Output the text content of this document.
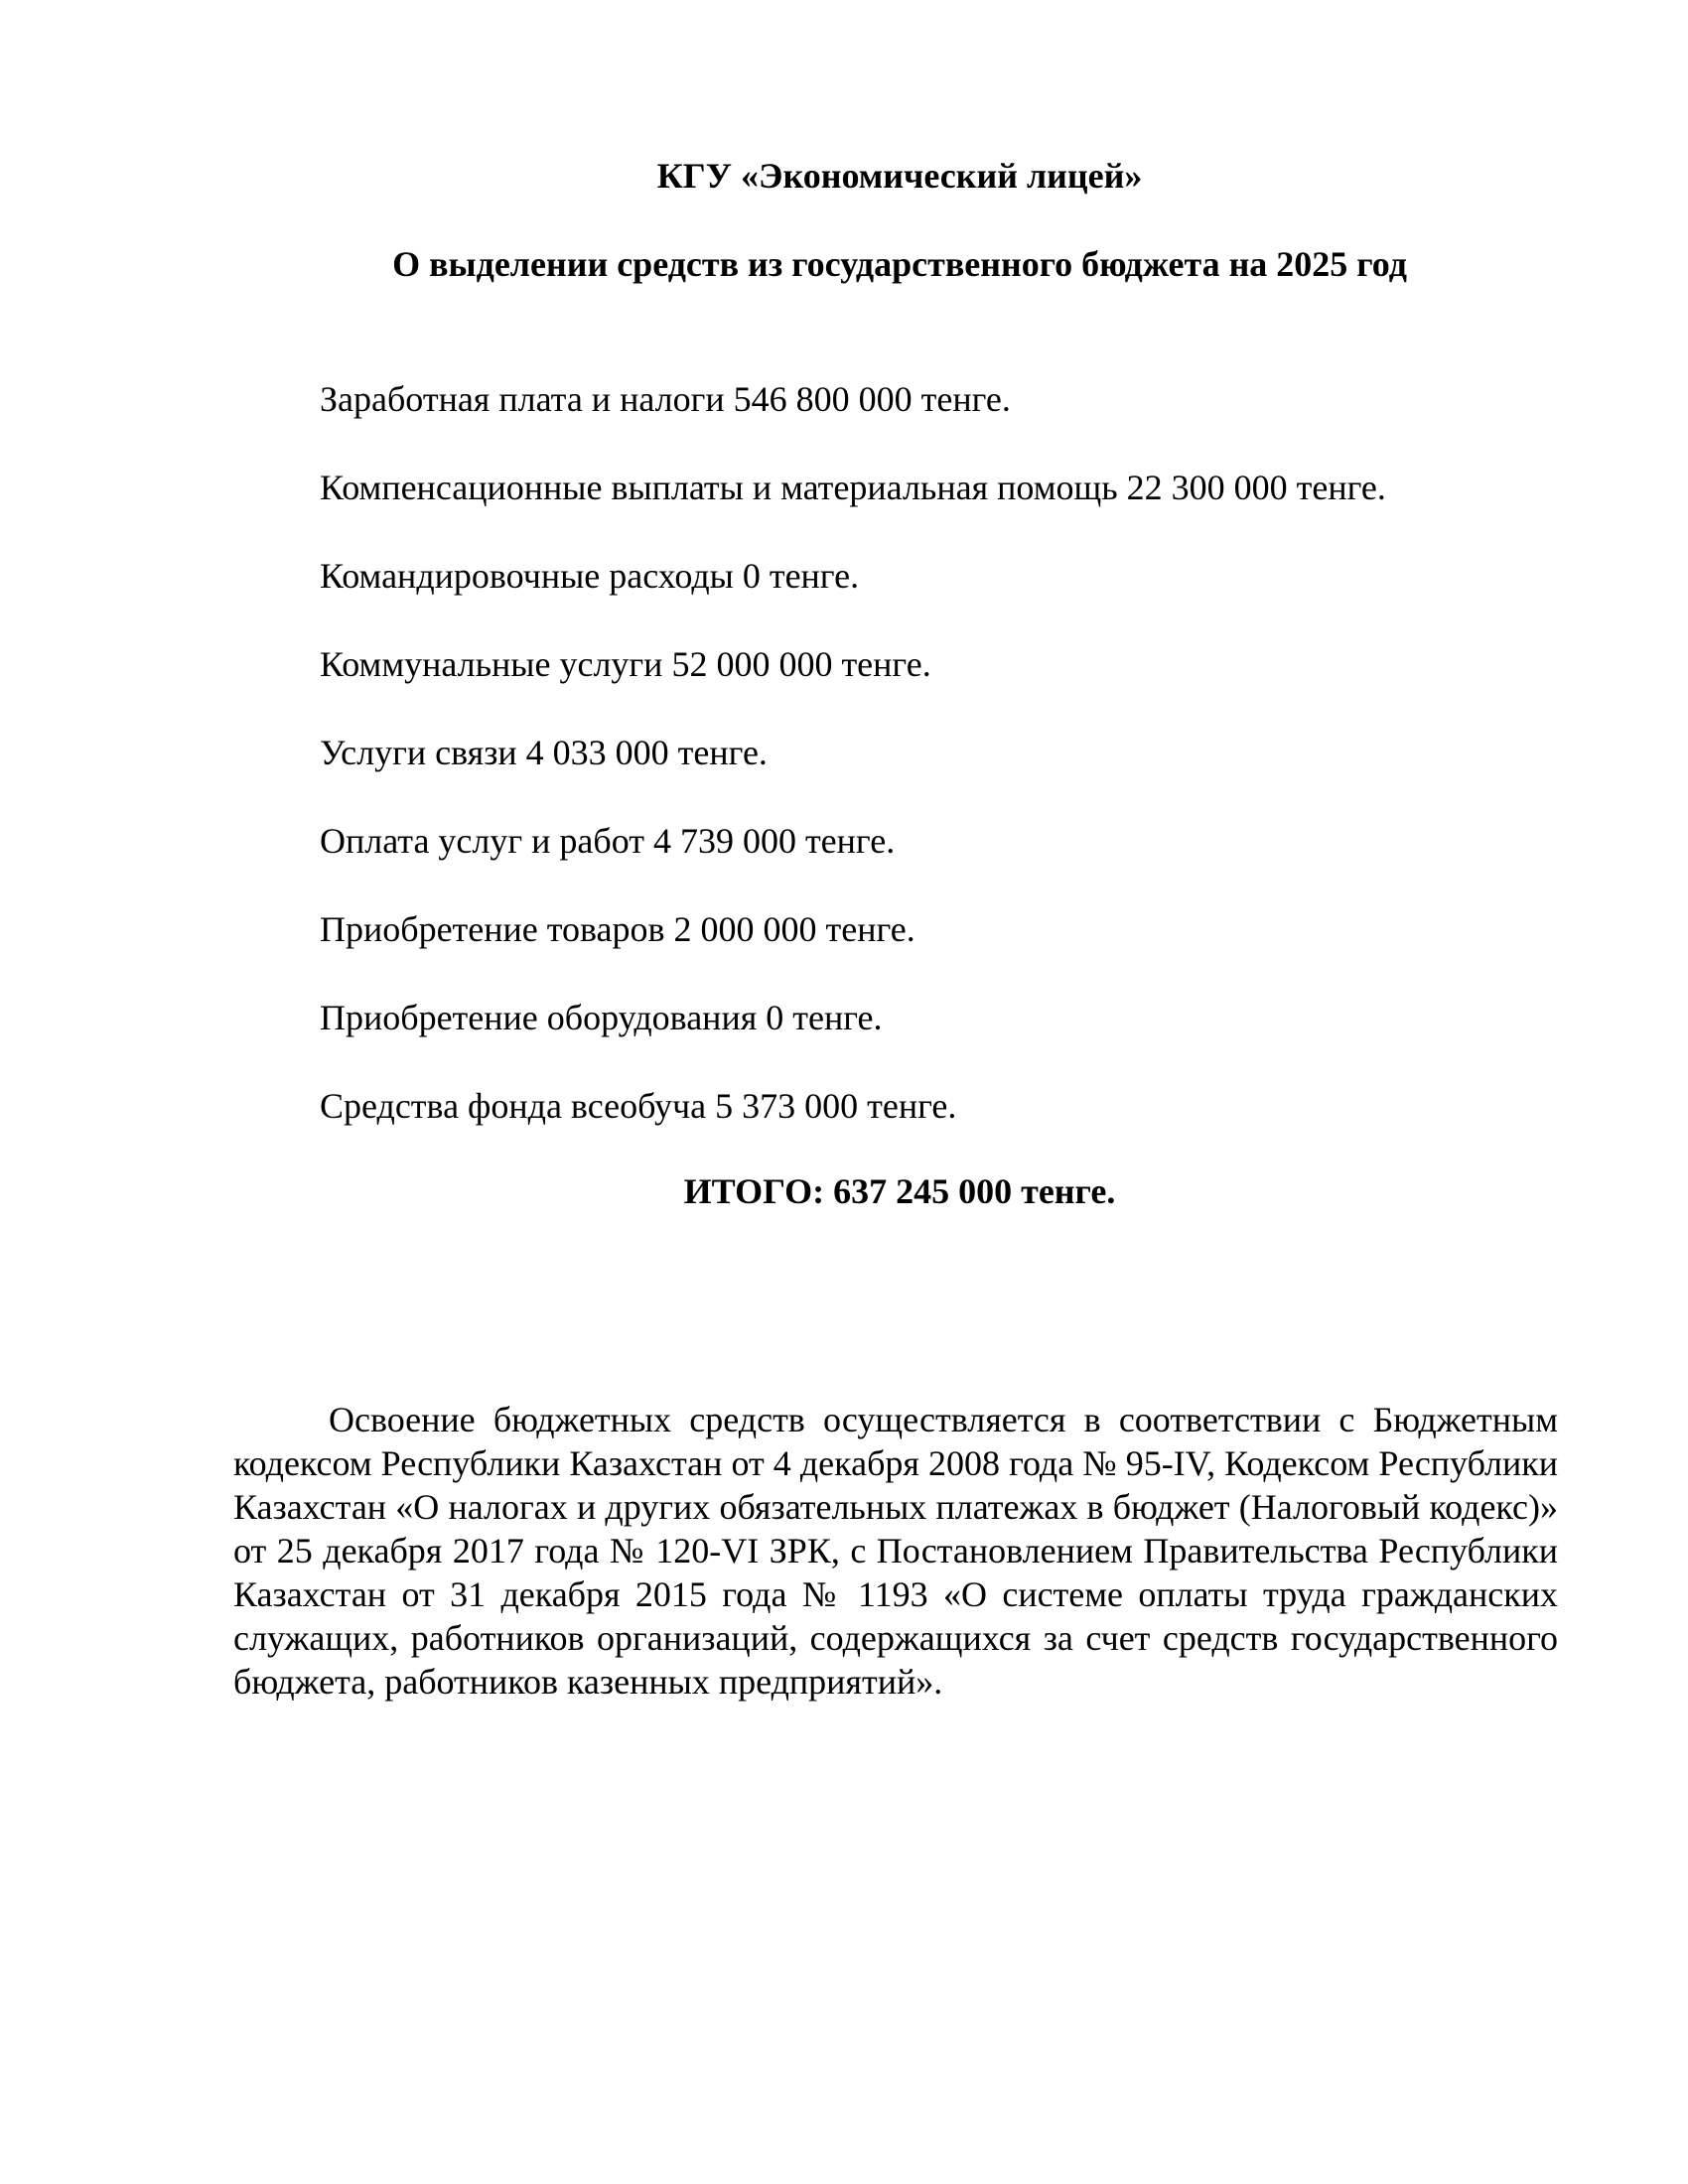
КГУ «Экономический лицей»
О выделении средств из государственного бюджета на 2025 год
Заработная плата и налоги 546 800 000 тенге.
Компенсационные выплаты и материальная помощь 22 300 000 тенге.
Командировочные расходы 0 тенге.
Коммунальные услуги 52 000 000 тенге.
Услуги связи 4 033 000 тенге.
Оплата услуг и работ 4 739 000 тенге.
Приобретение товаров 2 000 000 тенге.
Приобретение оборудования 0 тенге.
Средства фонда всеобуча 5 373 000 тенге.
ИТОГО: 637 245 000 тенге.

Освоение бюджетных средств осуществляется в соответствии с Бюджетным кодексом Республики Казахстан от 4 декабря 2008 года № 95-IV, Кодексом Республики Казахстан «О налогах и других обязательных платежах в бюджет (Налоговый кодекс)» от 25 декабря 2017 года № 120-VI ЗРК, с Постановлением Правительства Республики Казахстан от 31 декабря 2015 года № 1193 «О системе оплаты труда гражданских служащих, работников организаций, содержащихся за счет средств государственного бюджета, работников казенных предприятий».
